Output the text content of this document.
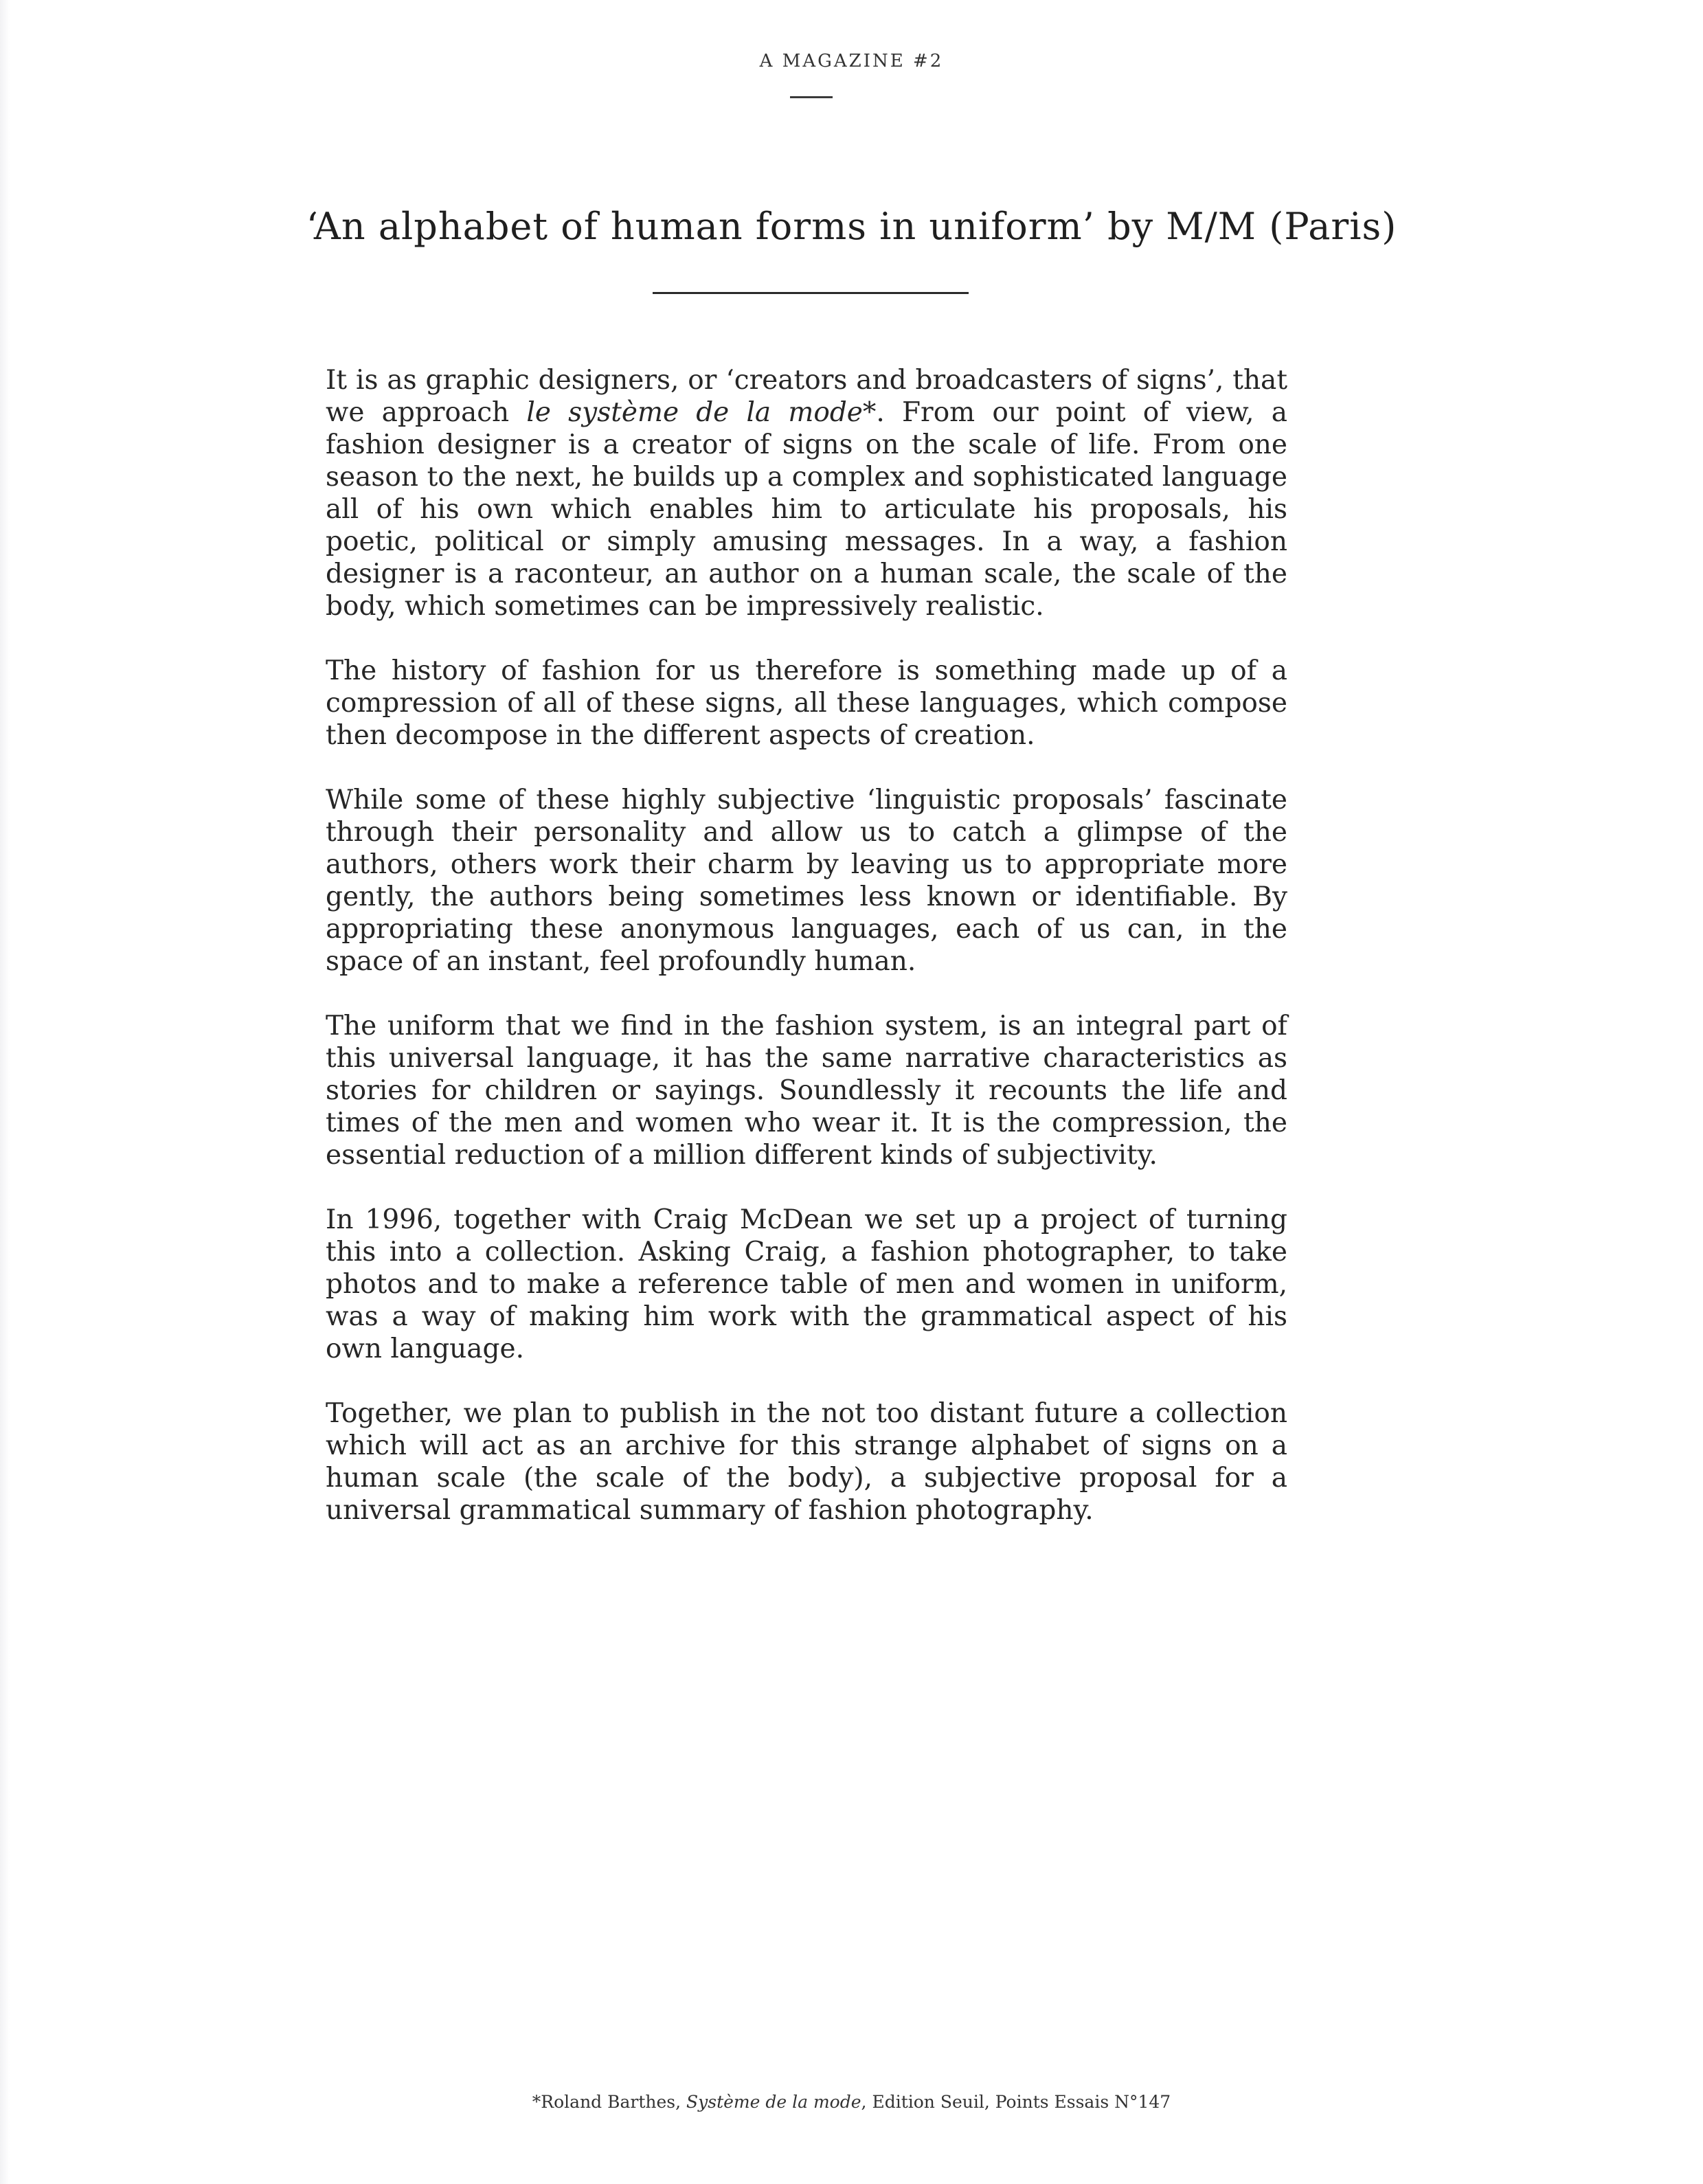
A MAGAZINE #2
‘An alphabet of human forms in uniform’ by M/M (Paris)

It is as graphic designers, or ‘creators and broadcasters of signs’, that we approach le système de la mode*. From our point of view, a fashion designer is a creator of signs on the scale of life. From one season to the next, he builds up a complex and sophisticated language all of his own which enables him to articulate his proposals, his poetic, political or simply amusing messages. In a way, a fashion designer is a raconteur, an author on a human scale, the scale of the body, which sometimes can be impressively realistic.

The history of fashion for us therefore is something made up of a compression of all of these signs, all these languages, which compose then decompose in the different aspects of creation.

While some of these highly subjective ‘linguistic proposals’ fascinate through their personality and allow us to catch a glimpse of the authors, others work their charm by leaving us to appropriate more gently, the authors being sometimes less known or identifiable. By appropriating these anonymous languages, each of us can, in the space of an instant, feel profoundly human.

The uniform that we find in the fashion system, is an integral part of this universal language, it has the same narrative characteristics as stories for children or sayings. Soundlessly it recounts the life and times of the men and women who wear it. It is the compression, the essential reduction of a million different kinds of subjectivity.

In 1996, together with Craig McDean we set up a project of turning this into a collection. Asking Craig, a fashion photographer, to take photos and to make a reference table of men and women in uniform, was a way of making him work with the grammatical aspect of his own language.

Together, we plan to publish in the not too distant future a collection which will act as an archive for this strange alphabet of signs on a human scale (the scale of the body), a subjective proposal for a universal grammatical summary of fashion photography.

*Roland Barthes, Système de la mode, Edition Seuil, Points Essais N°147
